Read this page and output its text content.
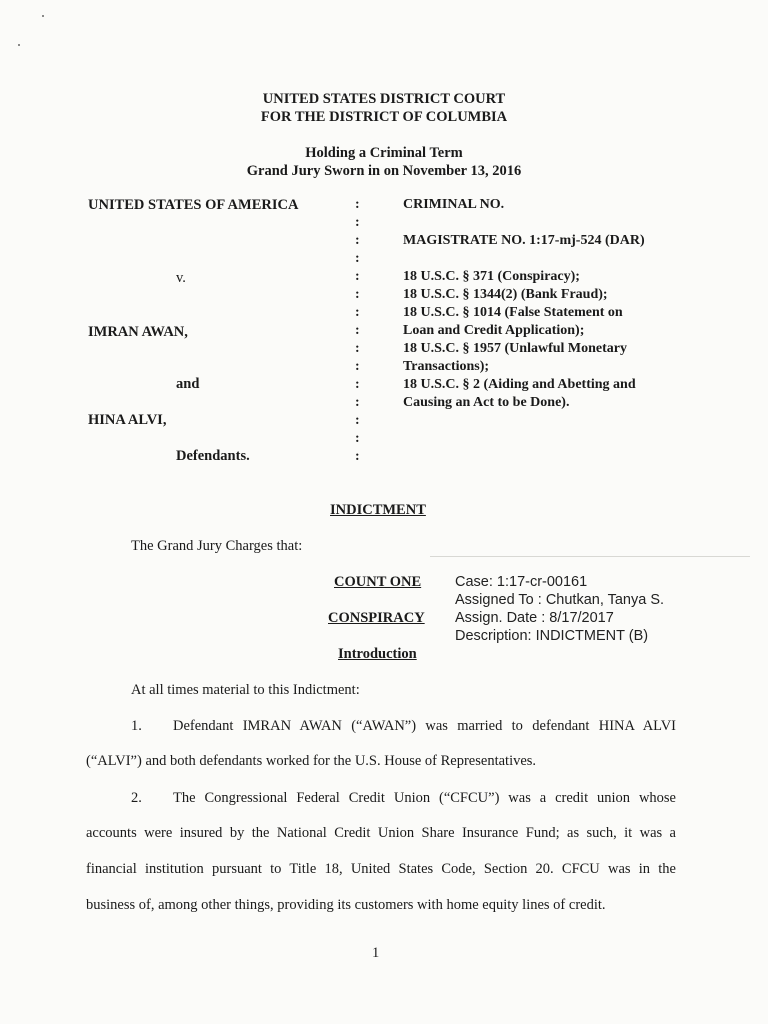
UNITED STATES DISTRICT COURT
FOR THE DISTRICT OF COLUMBIA
Holding a Criminal Term
Grand Jury Sworn in on November 13, 2016
UNITED STATES OF AMERICA
v.
IMRAN AWAN,
and
HINA ALVI,
Defendants.
:
:
:
:
:
:
:
:
:
:
:
:
:
:
:
CRIMINAL NO.
MAGISTRATE NO. 1:17-mj-524 (DAR)
18 U.S.C. § 371 (Conspiracy);
18 U.S.C. § 1344(2) (Bank Fraud);
18 U.S.C. § 1014 (False Statement on
Loan and Credit Application);
18 U.S.C. § 1957 (Unlawful Monetary
Transactions);
18 U.S.C. § 2 (Aiding and Abetting and
Causing an Act to be Done).
INDICTMENT
The Grand Jury Charges that:
COUNT ONE
CONSPIRACY
Introduction
Case: 1:17-cr-00161
Assigned To : Chutkan, Tanya S.
Assign. Date : 8/17/2017
Description: INDICTMENT (B)
At all times material to this Indictment:
1. Defendant IMRAN AWAN (“AWAN”) was married to defendant HINA ALVI
(“ALVI”) and both defendants worked for the U.S. House of Representatives.
2. The Congressional Federal Credit Union (“CFCU”) was a credit union whose
accounts were insured by the National Credit Union Share Insurance Fund; as such, it was a
financial institution pursuant to Title 18, United States Code, Section 20. CFCU was in the
business of, among other things, providing its customers with home equity lines of credit.
1
